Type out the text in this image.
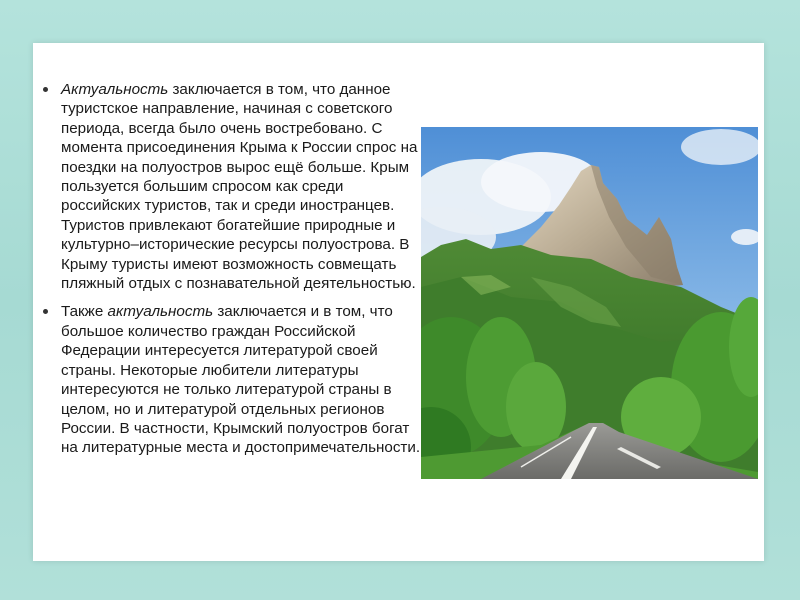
Актуальность заключается в том, что данное туристское направление, начиная с советского периода, всегда было очень востребовано. С момента присоединения Крыма к России спрос на поездки на полуостров вырос ещё больше. Крым пользуется большим спросом как среди российских туристов, так и среди иностранцев. Туристов привлекают богатейшие природные и культурно–исторические ресурсы полуострова. В Крыму туристы имеют возможность совмещать пляжный отдых с познавательной деятельностью.
Также актуальность заключается и в том, что большое количество граждан Российской Федерации интересуется литературой своей страны. Некоторые любители литературы интересуются не только литературой страны в целом, но и литературой отдельных регионов России. В частности, Крымский полуостров богат на литературные места и достопримечательности.
